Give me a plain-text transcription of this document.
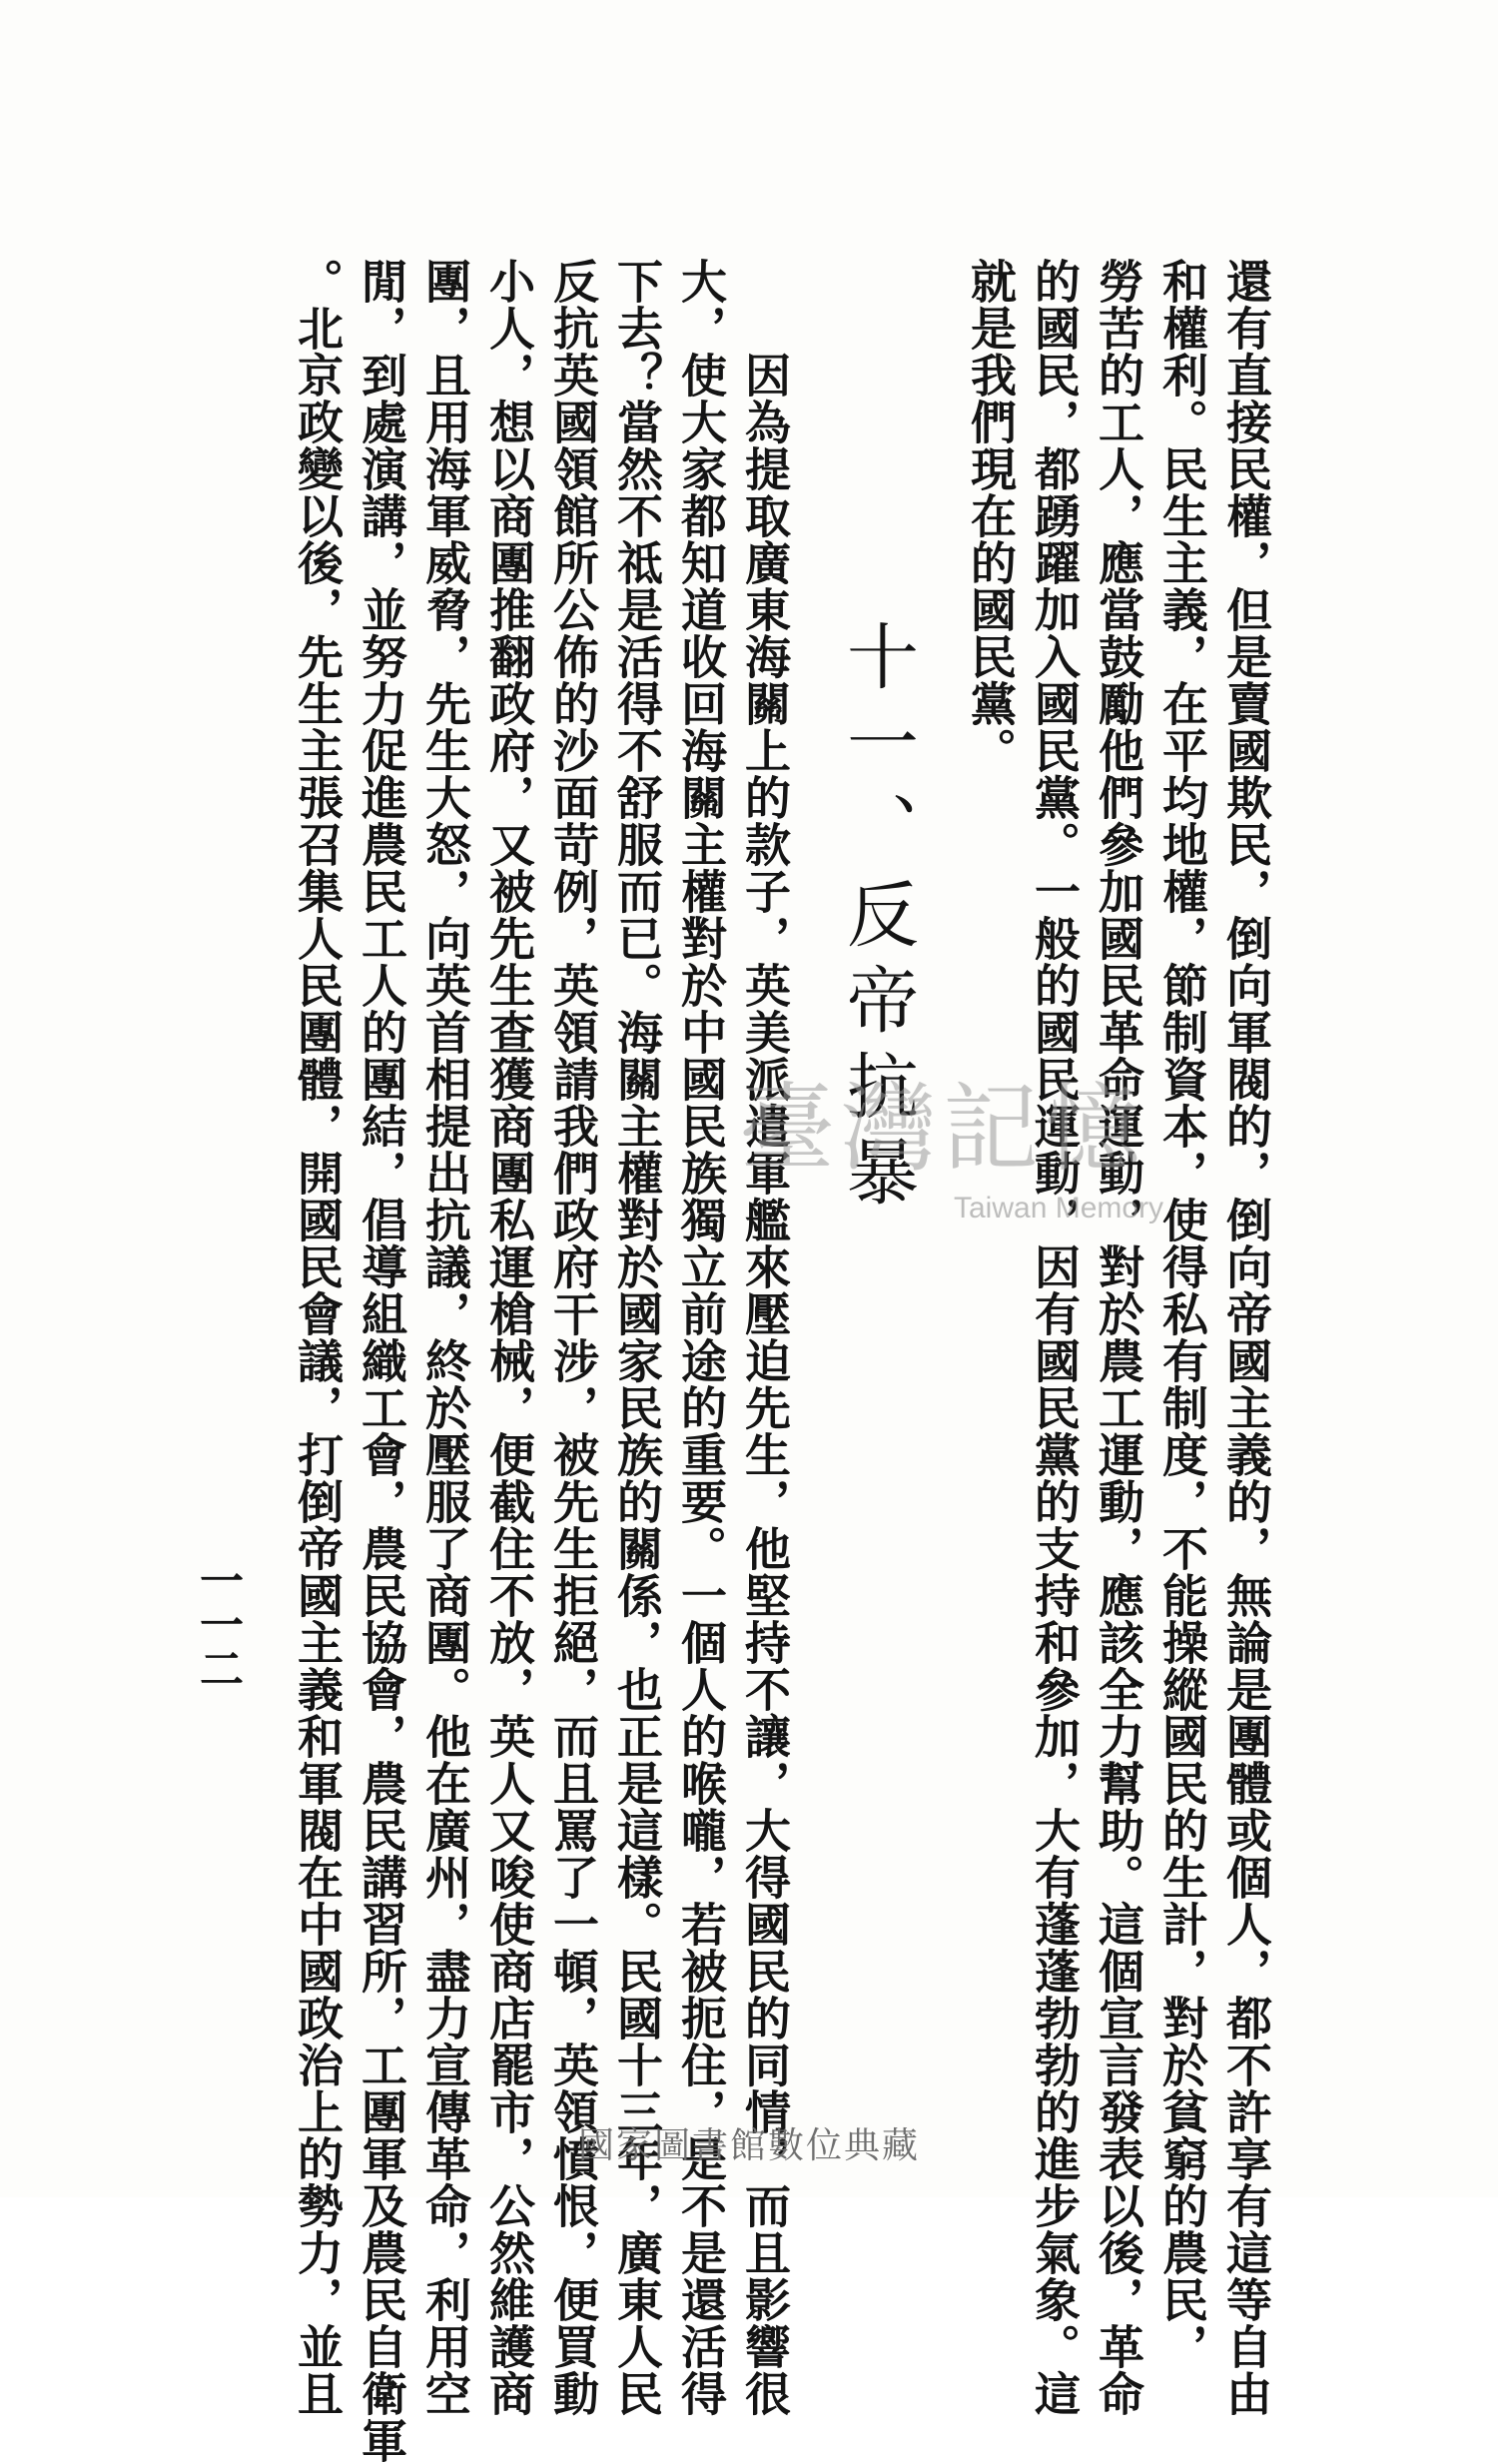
還有直接民權，但是賣國欺民，倒向軍閥的，倒向帝國主義的，無論是團體或個人，都不許享有這等自由
和權利。民生主義，在平均地權，節制資本，使得私有制度，不能操縱國民的生計，對於貧窮的農民，
勞苦的工人，應當鼓勵他們參加國民革命運動，對於農工運動，應該全力幫助。這個宣言發表以後，革命
的國民，都踴躍加入國民黨。一般的國民運動，因有國民黨的支持和參加，大有蓬蓬勃勃的進步氣象。這
就是我們現在的國民黨。
十一、反帝抗暴
因為提取廣東海關上的款子，英美派遣軍艦來壓迫先生，他堅持不讓，大得國民的同情，而且影響很
大，使大家都知道收回海關主權對於中國民族獨立前途的重要。一個人的喉嚨，若被扼住，是不是還活得
下去？當然不祗是活得不舒服而已。海關主權對於國家民族的關係，也正是這樣。民國十三年，廣東人民
反抗英國領館所公佈的沙面苛例，英領請我們政府干涉，被先生拒絕，而且罵了一頓，英領憤恨，便買動
小人，想以商團推翻政府，又被先生查獲商團私運槍械，便截住不放，英人又唆使商店罷市，公然維護商
團，且用海軍威脅，先生大怒，向英首相提出抗議，終於壓服了商團。他在廣州，盡力宣傳革命，利用空
閒，到處演講，並努力促進農民工人的團結，倡導組織工會，農民協會，農民講習所，工團軍及農民自衛軍
。北京政變以後，先生主張召集人民團體，開國民會議，打倒帝國主義和軍閥在中國政治上的勢力，並且
一一二
臺灣記憶
Taiwan Memory
國家圖書館數位典藏
